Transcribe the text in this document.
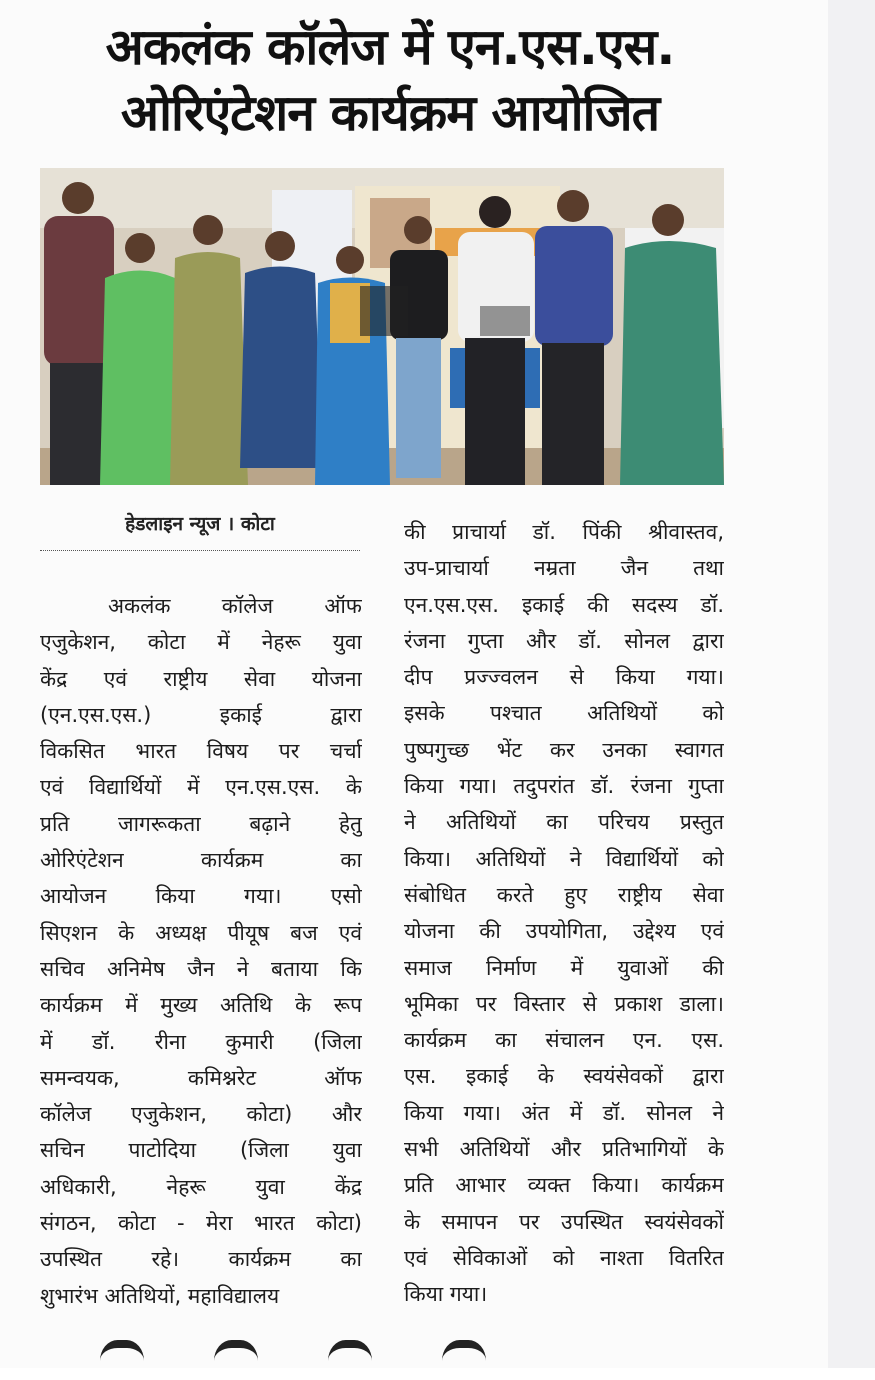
अकलंक कॉलेज में एन.एस.एस.
ओरिएंटेशन कार्यक्रम आयोजित
हेडलाइन न्यूज । कोटा
अकलंक कॉलेज ऑफ
एजुकेशन, कोटा में नेहरू युवा
केंद्र एवं राष्ट्रीय सेवा योजना
(एन.एस.एस.) इकाई द्वारा
विकसित भारत विषय पर चर्चा
एवं विद्यार्थियों में एन.एस.एस. के
प्रति जागरूकता बढ़ाने हेतु
ओरिएंटेशन कार्यक्रम का
आयोजन किया गया। एसो
सिएशन के अध्यक्ष पीयूष बज एवं
सचिव अनिमेष जैन ने बताया कि
कार्यक्रम में मुख्य अतिथि के रूप
में डॉ. रीना कुमारी (जिला
समन्वयक, कमिश्नरेट ऑफ
कॉलेज एजुकेशन, कोटा) और
सचिन पाटोदिया (जिला युवा
अधिकारी, नेहरू युवा केंद्र
संगठन, कोटा - मेरा भारत कोटा)
उपस्थित रहे। कार्यक्रम का
शुभारंभ अतिथियों, महाविद्यालय
की प्राचार्या डॉ. पिंकी श्रीवास्तव,
उप-प्राचार्या नम्रता जैन तथा
एन.एस.एस. इकाई की सदस्य डॉ.
रंजना गुप्ता और डॉ. सोनल द्वारा
दीप प्रज्ज्वलन से किया गया।
इसके पश्चात अतिथियों को
पुष्पगुच्छ भेंट कर उनका स्वागत
किया गया। तदुपरांत डॉ. रंजना गुप्ता
ने अतिथियों का परिचय प्रस्तुत
किया। अतिथियों ने विद्यार्थियों को
संबोधित करते हुए राष्ट्रीय सेवा
योजना की उपयोगिता, उद्देश्य एवं
समाज निर्माण में युवाओं की
भूमिका पर विस्तार से प्रकाश डाला।
कार्यक्रम का संचालन एन. एस.
एस. इकाई के स्वयंसेवकों द्वारा
किया गया। अंत में डॉ. सोनल ने
सभी अतिथियों और प्रतिभागियों के
प्रति आभार व्यक्त किया। कार्यक्रम
के समापन पर उपस्थित स्वयंसेवकों
एवं सेविकाओं को नाश्ता वितरित
किया गया।
